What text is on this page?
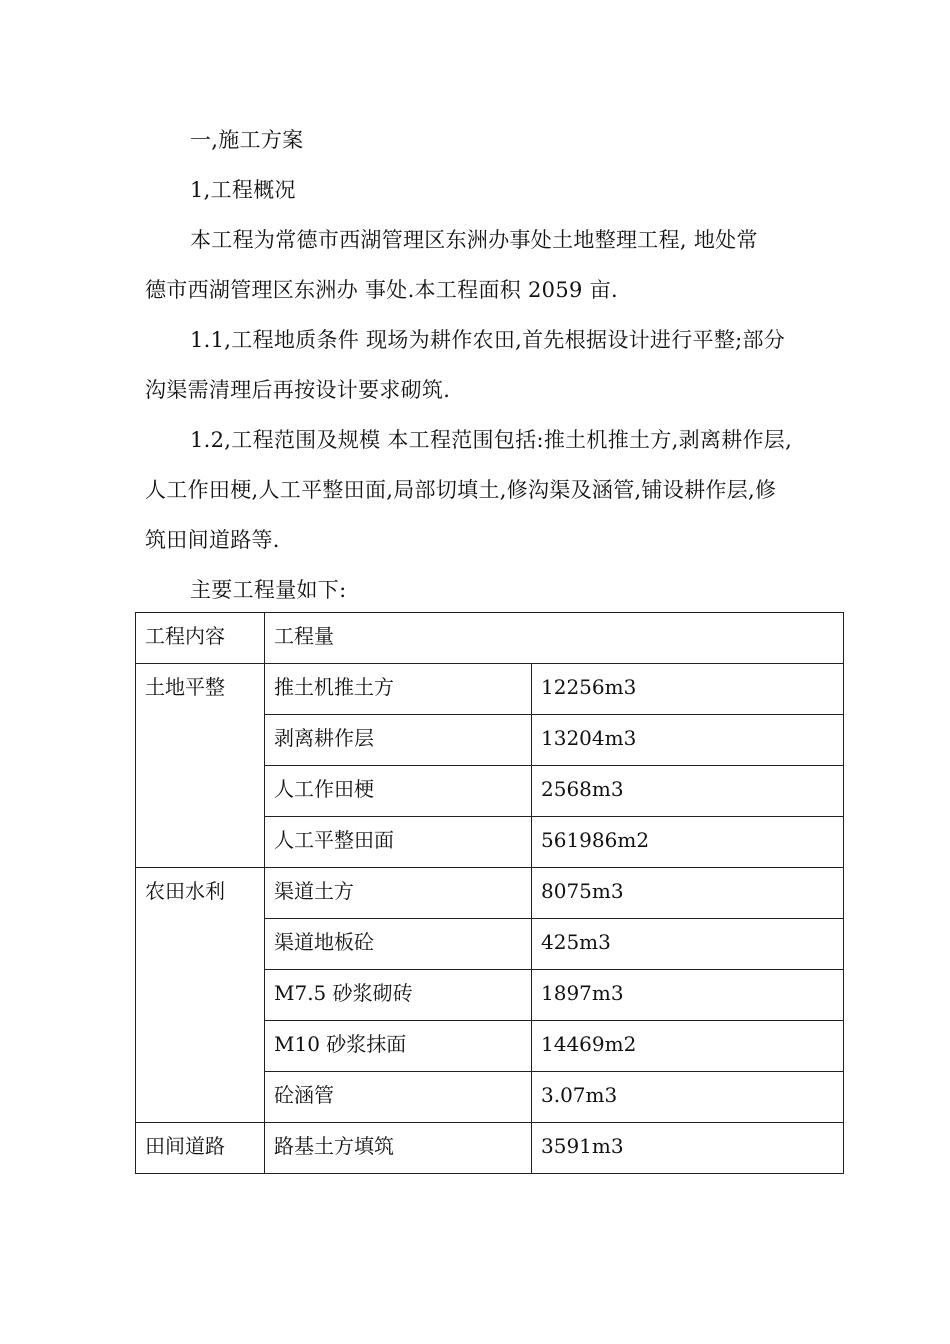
一,施工方案
1,工程概况
本工程为常德市西湖管理区东洲办事处土地整理工程, 地处常
德市西湖管理区东洲办 事处.本工程面积 2059 亩.
1.1,工程地质条件 现场为耕作农田,首先根据设计进行平整;部分
沟渠需清理后再按设计要求砌筑.
1.2,工程范围及规模 本工程范围包括:推土机推土方,剥离耕作层,
人工作田梗,人工平整田面,局部切填土,修沟渠及涵管,铺设耕作层,修
筑田间道路等.
主要工程量如下:
工程内容	工程量	
土地平整	推土机推土方	12256m3
	剥离耕作层	13204m3
	人工作田梗	2568m3
	人工平整田面	561986m2
农田水利	渠道土方	8075m3
	渠道地板砼	425m3
	M7.5 砂浆砌砖	1897m3
	M10 砂浆抹面	14469m2
	砼涵管	3.07m3
田间道路	路基土方填筑	3591m3
